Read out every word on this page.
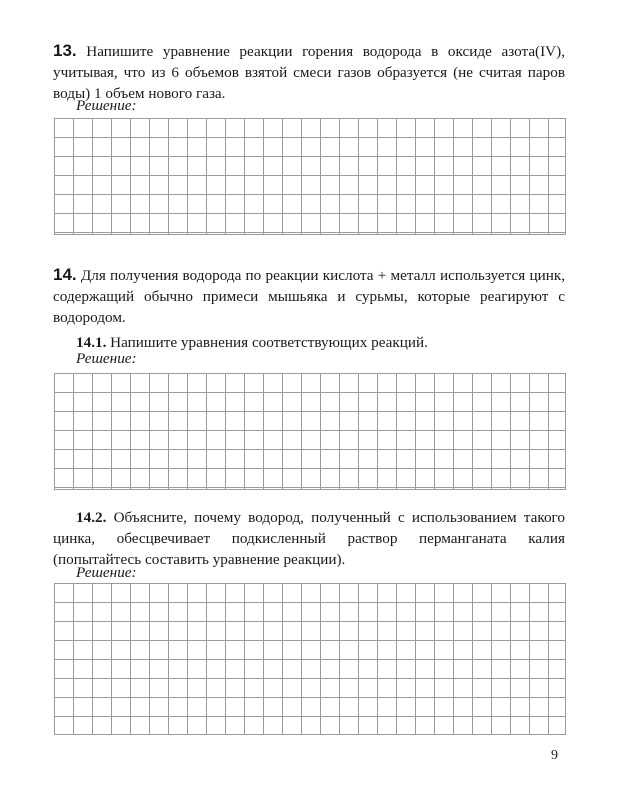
13. Напишите уравнение реакции горения водорода в оксиде азота(IV), учитывая, что из 6 объемов взятой смеси газов образуется (не считая паров воды) 1 объем нового газа.

Решение:

14. Для получения водорода по реакции кислота + металл используется цинк, содержащий обычно примеси мышьяка и сурьмы, которые реагируют с водородом.

14.1. Напишите уравнения соответствующих реакций.

Решение:

14.2. Объясните, почему водород, полученный с использованием такого цинка, обесцвечивает подкисленный раствор перманганата калия (попытайтесь составить уравнение реакции).

Решение:

9
